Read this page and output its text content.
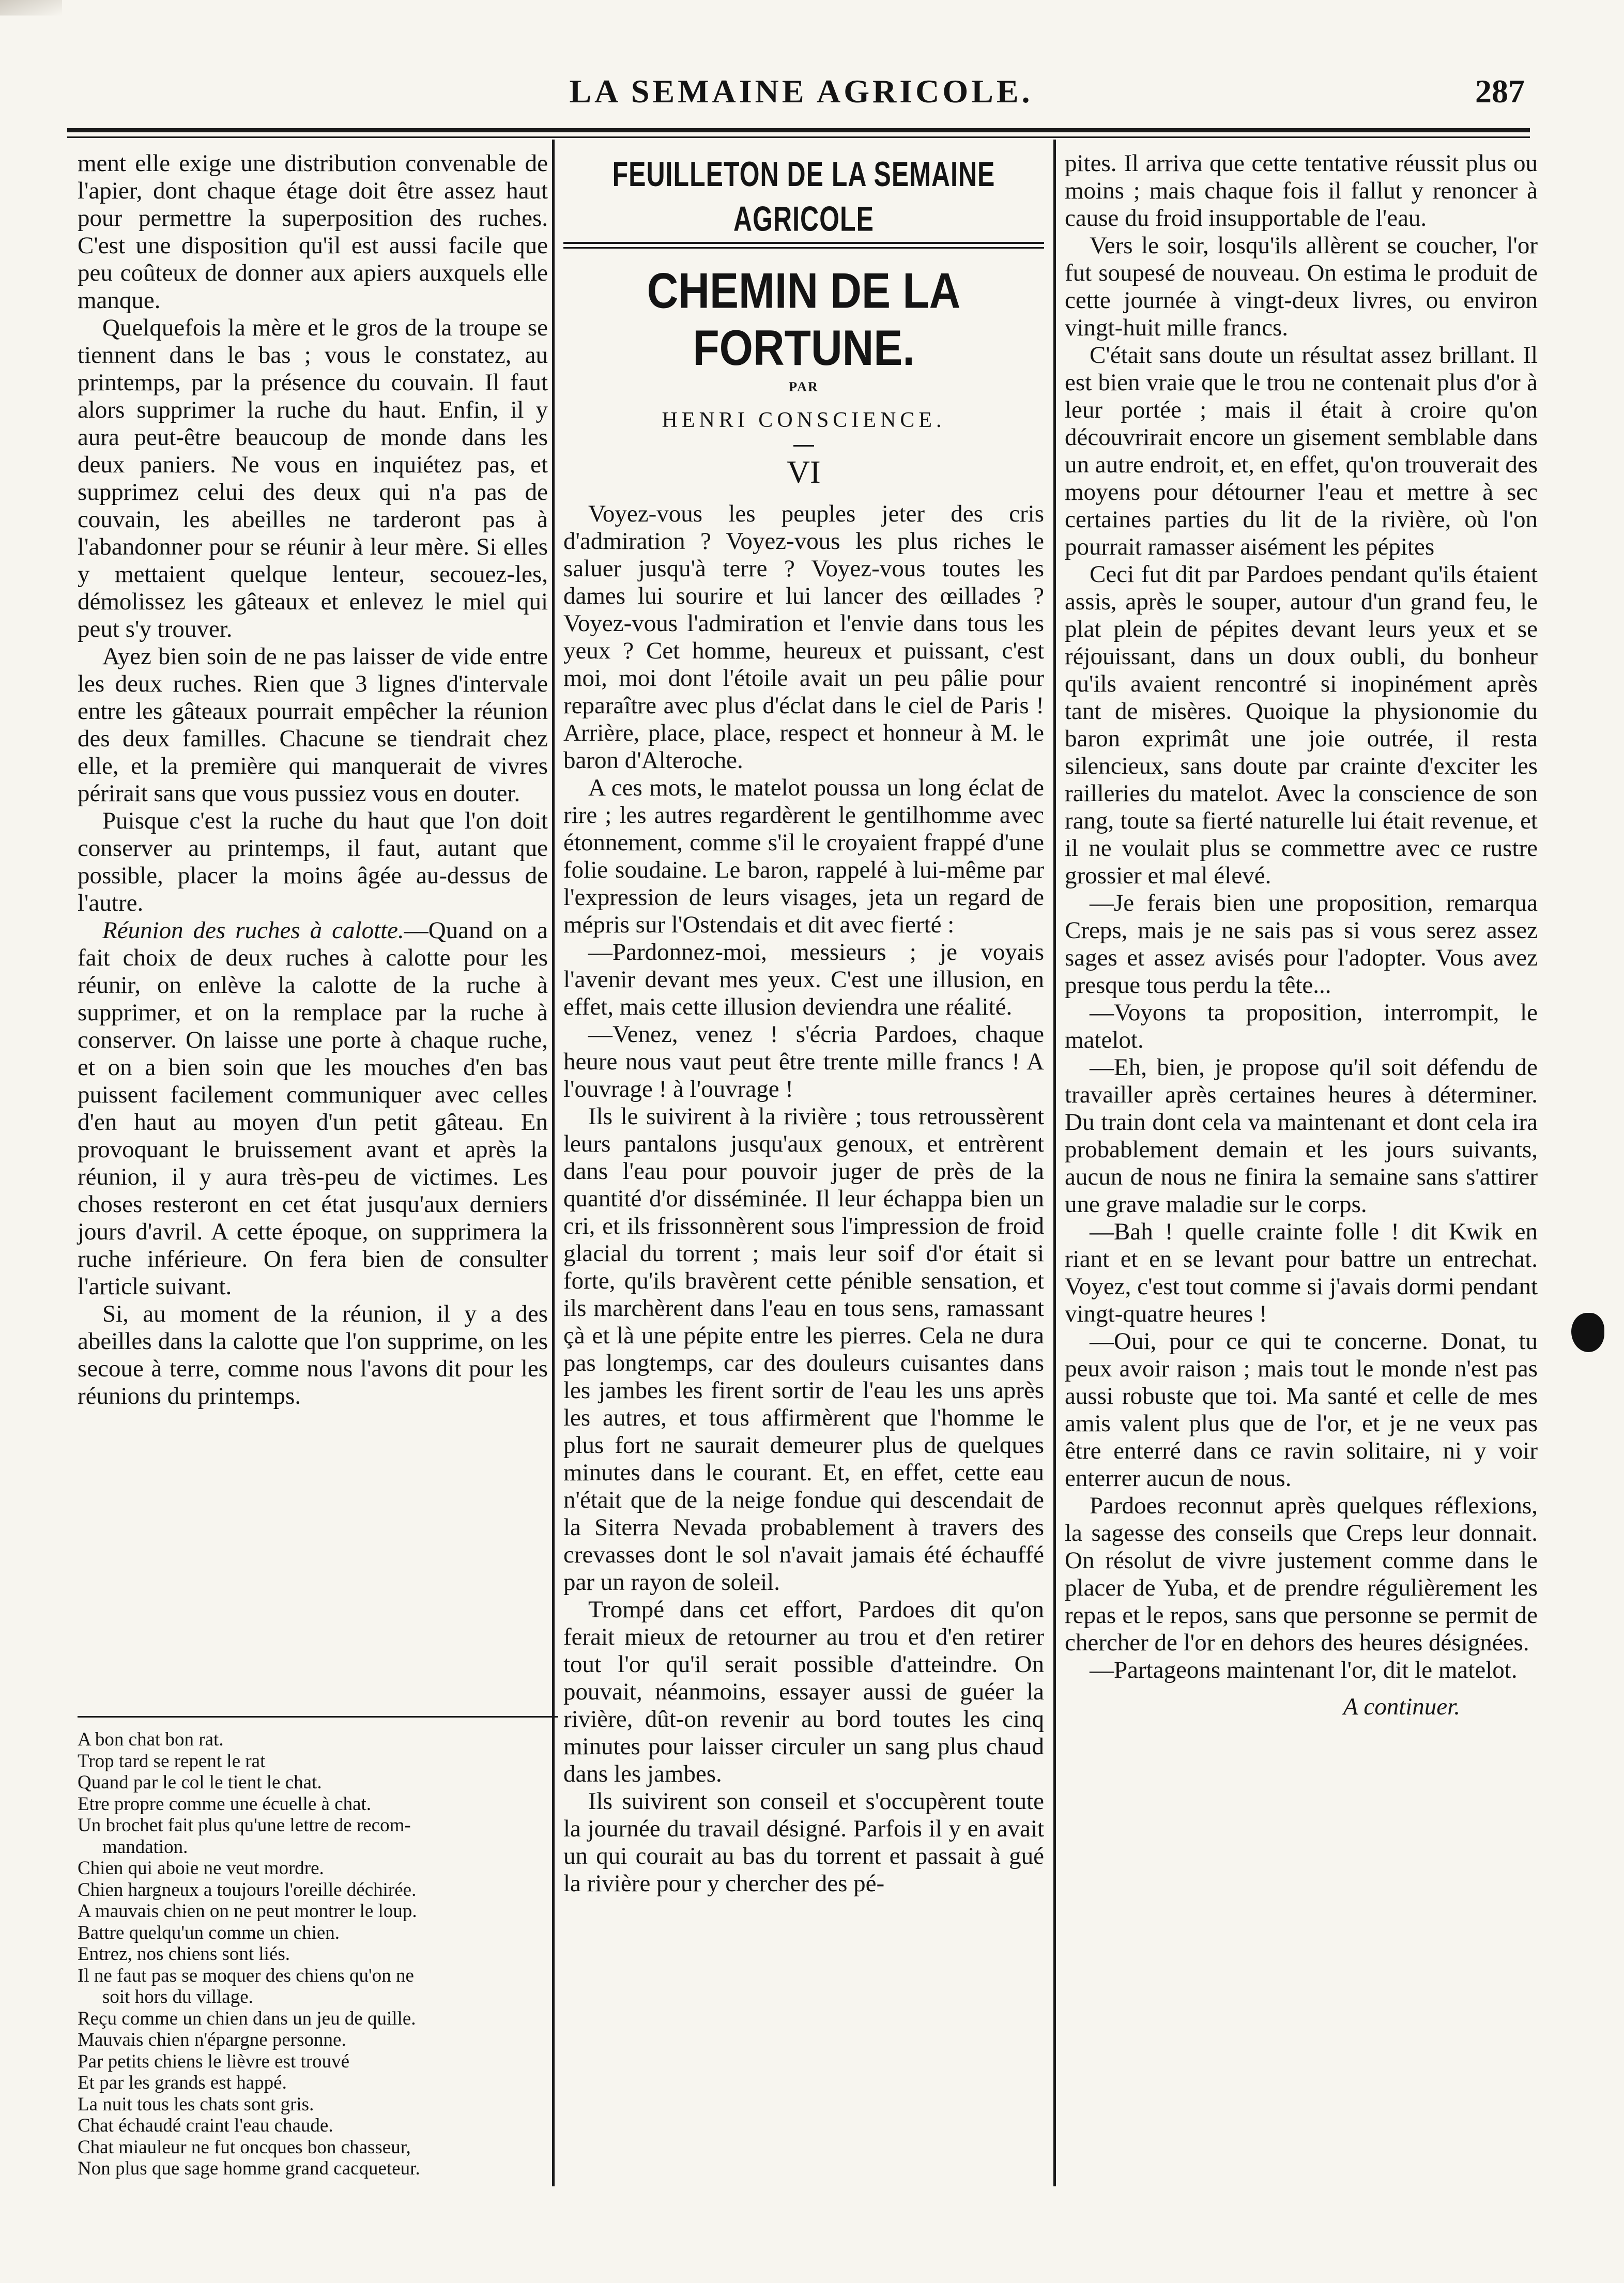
LA SEMAINE AGRICOLE.	287

ment elle exige une distribution convenable de l'apier, dont chaque étage doit être assez haut pour permettre la superposition des ruches. C'est une disposition qu'il est aussi facile que peu coûteux de donner aux apiers auxquels elle manque.

Quelquefois la mère et le gros de la troupe se tiennent dans le bas ; vous le constatez, au printemps, par la présence du couvain. Il faut alors supprimer la ruche du haut. Enfin, il y aura peut-être beaucoup de monde dans les deux paniers. Ne vous en inquiétez pas, et supprimez celui des deux qui n'a pas de couvain, les abeilles ne tarderont pas à l'abandonner pour se réunir à leur mère. Si elles y mettaient quelque lenteur, secouez-les, démolissez les gâteaux et enlevez le miel qui peut s'y trouver.

Ayez bien soin de ne pas laisser de vide entre les deux ruches. Rien que 3 lignes d'intervale entre les gâteaux pourrait empêcher la réunion des deux familles. Chacune se tiendrait chez elle, et la première qui manquerait de vivres périrait sans que vous pussiez vous en douter.

Puisque c'est la ruche du haut que l'on doit conserver au printemps, il faut, autant que possible, placer la moins âgée au-dessus de l'autre.

Réunion des ruches à calotte.—Quand on a fait choix de deux ruches à calotte pour les réunir, on enlève la calotte de la ruche à supprimer, et on la remplace par la ruche à conserver. On laisse une porte à chaque ruche, et on a bien soin que les mouches d'en bas puissent facilement communiquer avec celles d'en haut au moyen d'un petit gâteau. En provoquant le bruissement avant et après la réunion, il y aura très-peu de victimes. Les choses resteront en cet état jusqu'aux derniers jours d'avril. A cette époque, on supprimera la ruche inférieure. On fera bien de consulter l'article suivant.

Si, au moment de la réunion, il y a des abeilles dans la calotte que l'on supprime, on les secoue à terre, comme nous l'avons dit pour les réunions du printemps.

A bon chat bon rat.
Trop tard se repent le rat
Quand par le col le tient le chat.
Etre propre comme une écuelle à chat.
Un brochet fait plus qu'une lettre de recom-
mandation.
Chien qui aboie ne veut mordre.
Chien hargneux a toujours l'oreille déchirée.
A mauvais chien on ne peut montrer le loup.
Battre quelqu'un comme un chien.
Entrez, nos chiens sont liés.
Il ne faut pas se moquer des chiens qu'on ne
soit hors du village.
Reçu comme un chien dans un jeu de quille.
Mauvais chien n'épargne personne.
Par petits chiens le lièvre est trouvé
Et par les grands est happé.
La nuit tous les chats sont gris.
Chat échaudé craint l'eau chaude.
Chat miauleur ne fut oncques bon chasseur,
Non plus que sage homme grand cacqueteur.
FEUILLETON DE LA SEMAINE AGRICOLE
CHEMIN DE LA FORTUNE.
PAR
HENRI CONSCIENCE.
VI

Voyez-vous les peuples jeter des cris d'admiration ? Voyez-vous les plus riches le saluer jusqu'à terre ? Voyez-vous toutes les dames lui sourire et lui lancer des œillades ? Voyez-vous l'admiration et l'envie dans tous les yeux ? Cet homme, heureux et puissant, c'est moi, moi dont l'étoile avait un peu pâlie pour reparaître avec plus d'éclat dans le ciel de Paris ! Arrière, place, place, respect et honneur à M. le baron d'Alteroche.

A ces mots, le matelot poussa un long éclat de rire ; les autres regardèrent le gentilhomme avec étonnement, comme s'il le croyaient frappé d'une folie soudaine. Le baron, rappelé à lui-même par l'expression de leurs visages, jeta un regard de mépris sur l'Ostendais et dit avec fierté :

—Pardonnez-moi, messieurs ; je voyais l'avenir devant mes yeux. C'est une illusion, en effet, mais cette illusion deviendra une réalité.

—Venez, venez ! s'écria Pardoes, chaque heure nous vaut peut être trente mille francs ! A l'ouvrage ! à l'ouvrage !

Ils le suivirent à la rivière ; tous retroussèrent leurs pantalons jusqu'aux genoux, et entrèrent dans l'eau pour pouvoir juger de près de la quantité d'or disséminée. Il leur échappa bien un cri, et ils frissonnèrent sous l'impression de froid glacial du torrent ; mais leur soif d'or était si forte, qu'ils bravèrent cette pénible sensation, et ils marchèrent dans l'eau en tous sens, ramassant çà et là une pépite entre les pierres. Cela ne dura pas longtemps, car des douleurs cuisantes dans les jambes les firent sortir de l'eau les uns après les autres, et tous affirmèrent que l'homme le plus fort ne saurait demeurer plus de quelques minutes dans le courant. Et, en effet, cette eau n'était que de la neige fondue qui descendait de la Siterra Nevada probablement à travers des crevasses dont le sol n'avait jamais été échauffé par un rayon de soleil.

Trompé dans cet effort, Pardoes dit qu'on ferait mieux de retourner au trou et d'en retirer tout l'or qu'il serait possible d'atteindre. On pouvait, néanmoins, essayer aussi de guéer la rivière, dût-on revenir au bord toutes les cinq minutes pour laisser circuler un sang plus chaud dans les jambes.

Ils suivirent son conseil et s'occupèrent toute la journée du travail désigné. Parfois il y en avait un qui courait au bas du torrent et passait à gué la rivière pour y chercher des pé-

pites. Il arriva que cette tentative réussit plus ou moins ; mais chaque fois il fallut y renoncer à cause du froid insupportable de l'eau.

Vers le soir, losqu'ils allèrent se coucher, l'or fut soupesé de nouveau. On estima le produit de cette journée à vingt-deux livres, ou environ vingt-huit mille francs.

C'était sans doute un résultat assez brillant. Il est bien vraie que le trou ne contenait plus d'or à leur portée ; mais il était à croire qu'on découvrirait encore un gisement semblable dans un autre endroit, et, en effet, qu'on trouverait des moyens pour détourner l'eau et mettre à sec certaines parties du lit de la rivière, où l'on pourrait ramasser aisément les pépites

Ceci fut dit par Pardoes pendant qu'ils étaient assis, après le souper, autour d'un grand feu, le plat plein de pépites devant leurs yeux et se réjouissant, dans un doux oubli, du bonheur qu'ils avaient rencontré si inopinément après tant de misères. Quoique la physionomie du baron exprimât une joie outrée, il resta silencieux, sans doute par crainte d'exciter les railleries du matelot. Avec la conscience de son rang, toute sa fierté naturelle lui était revenue, et il ne voulait plus se commettre avec ce rustre grossier et mal élevé.

—Je ferais bien une proposition, remarqua Creps, mais je ne sais pas si vous serez assez sages et assez avisés pour l'adopter. Vous avez presque tous perdu la tête...

—Voyons ta proposition, interrompit, le matelot.

—Eh, bien, je propose qu'il soit défendu de travailler après certaines heures à déterminer. Du train dont cela va maintenant et dont cela ira probablement demain et les jours suivants, aucun de nous ne finira la semaine sans s'attirer une grave maladie sur le corps.

—Bah ! quelle crainte folle ! dit Kwik en riant et en se levant pour battre un entrechat. Voyez, c'est tout comme si j'avais dormi pendant vingt-quatre heures !

—Oui, pour ce qui te concerne. Donat, tu peux avoir raison ; mais tout le monde n'est pas aussi robuste que toi. Ma santé et celle de mes amis valent plus que de l'or, et je ne veux pas être enterré dans ce ravin solitaire, ni y voir enterrer aucun de nous.

Pardoes reconnut après quelques réflexions, la sagesse des conseils que Creps leur donnait. On résolut de vivre justement comme dans le placer de Yuba, et de prendre régulièrement les repas et le repos, sans que personne se permit de chercher de l'or en dehors des heures désignées.

—Partageons maintenant l'or, dit le matelot.

A continuer.
